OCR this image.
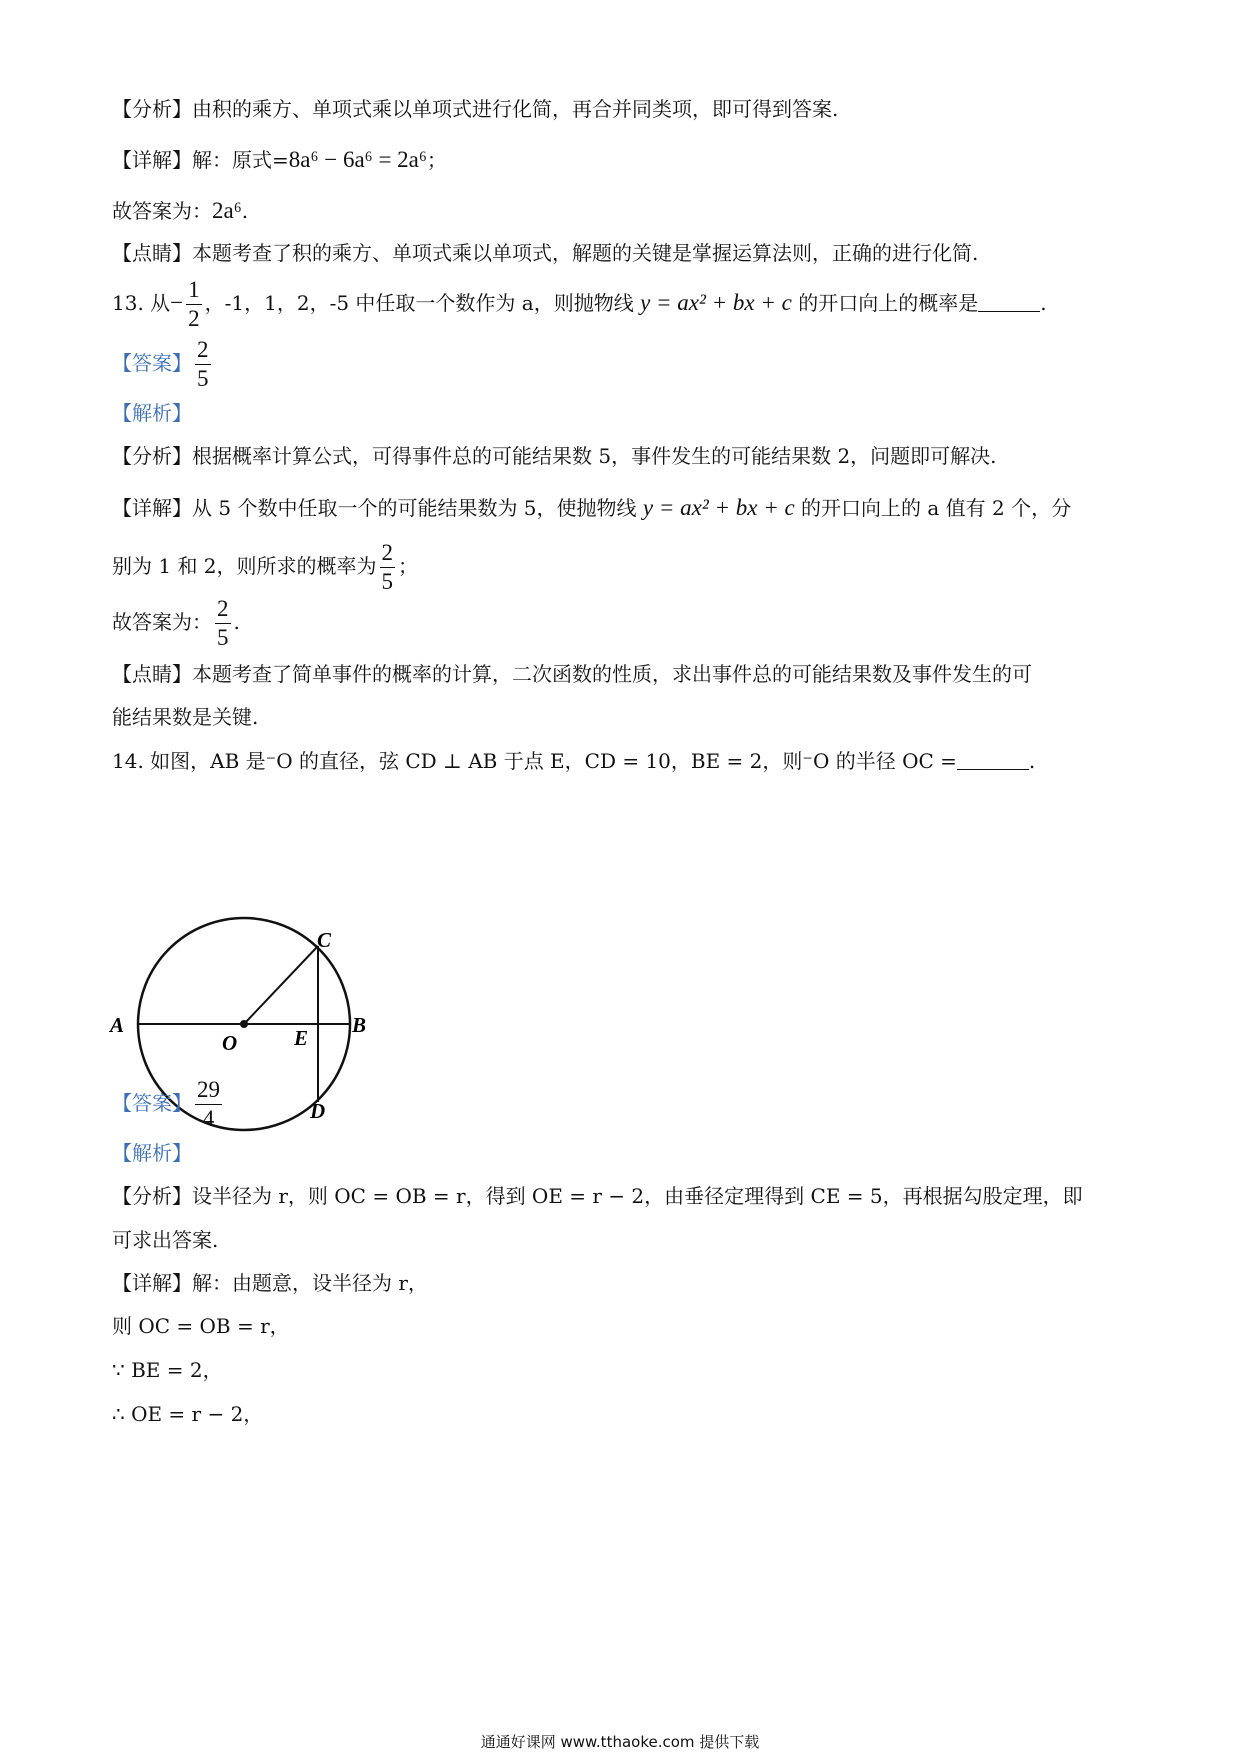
【分析】由积的乘方、单项式乘以单项式进行化简，再合并同类项，即可得到答案.
【详解】解：原式=8a⁶ − 6a⁶ = 2a⁶；
故答案为：2a⁶.
【点睛】本题考查了积的乘方、单项式乘以单项式，解题的关键是掌握运算法则，正确的进行化简.
13. 从− $\frac{1}{2}$ ，-1，1，2，-5 中任取一个数作为 a，则抛物线 y = ax² + bx + c 的开口向上的概率是	.
【答案】 $\frac{2}{5}$
【解析】
【分析】根据概率计算公式，可得事件总的可能结果数 5，事件发生的可能结果数 2，问题即可解决.
【详解】从 5 个数中任取一个的可能结果数为 5，使抛物线 y = ax² + bx + c 的开口向上的 a 值有 2 个，分
别为 1 和 2，则所求的概率为 $\frac{2}{5}$ ；
故答案为： $\frac{2}{5}$ .
【点睛】本题考查了简单事件的概率的计算，二次函数的性质，求出事件总的可能结果数及事件发生的可
能结果数是关键.
14. 如图，AB 是⁻O 的直径，弦 CD ⊥ AB 于点 E，CD = 10，BE = 2，则⁻O 的半径 OC =	.
A	B
C
D
E
O
【答案】 $\frac{29}{4}$
【解析】
【分析】设半径为 r，则 OC = OB = r，得到 OE = r − 2，由垂径定理得到 CE = 5，再根据勾股定理，即
可求出答案.
【详解】解：由题意，设半径为 r，
则 OC = OB = r，
∵ BE = 2，
∴ OE = r − 2，
通通好课网 www.tthaoke.com 提供下载
